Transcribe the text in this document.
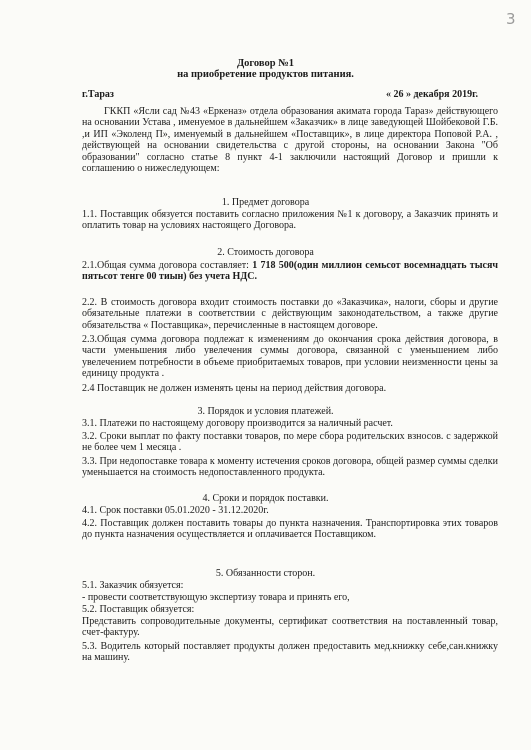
3
Договор №1
на приобретение продуктов питания.
г.Тараз	« 26 » декабря 2019г.

ГККП «Ясли сад №43 «Еркеназ» отдела образования акимата города Тараз» действующего на основании Устава , именуемое в дальнейшем «Заказчик» в лице заведующей Шойбековой Г.Б. ,и ИП «Эколенд П», именуемый в дальнейшем «Поставщик», в лице директора Поповой Р.А. , действующей на основании свидетельства с другой стороны, на основании Закона "Об образовании" согласно статье 8 пункт 4-1 заключили настоящий Договор и пришли к соглашению о нижеследующем:

1. Предмет договора

1.1. Поставщик обязуется поставить согласно приложения №1 к договору, а Заказчик принять и оплатить товар на условиях настоящего Договора.

2. Стоимость договора

2.1.Общая сумма договора составляет: 1 718 500(один миллион семьсот восемнадцать тысяч пятьсот тенге 00 тиын) без учета НДС.

2.2. В стоимость договора входит стоимость поставки до «Заказчика», налоги, сборы и другие обязательные платежи в соответствии с действующим законодательством, а также другие обязательства « Поставщика», перечисленные в настоящем договоре.

2.3.Общая сумма договора подлежат к изменениям до окончания срока действия договора, в части уменьшения либо увелечения суммы договора, связанной с уменьшением либо увелечением потребности в объеме приобритаемых товаров, при условии неизменности цены за единицу продукта .

2.4 Поставщик не должен изменять цены на период действия договора.

3. Порядок и условия платежей.

3.1. Платежи по настоящему договору производится за наличный расчет.

3.2. Сроки выплат по факту поставки товаров, по мере сбора родительских взносов. с задержкой не более чем 1 месяца .

3.3. При недопоставке товара к моменту истечения сроков договора, общей размер суммы сделки уменьшается на стоимость недопоставленного продукта.

4. Сроки и порядок поставки.

4.1. Срок поставки 05.01.2020 - 31.12.2020г.

4.2. Поставщик должен поставить товары до пункта назначения. Транспортировка этих товаров до пункта назначения осуществляется и оплачивается Поставщиком.

5. Обязанности сторон.

5.1. Заказчик обязуется:

- провести соответствующую экспертизу товара и принять его,

5.2. Поставщик обязуется:

Представить сопроводительные документы, сертификат соответствия на поставленный товар, счет-фактуру.

5.3. Водитель который поставляет продукты должен предоставить мед.книжку себе,сан.книжку на машину.
